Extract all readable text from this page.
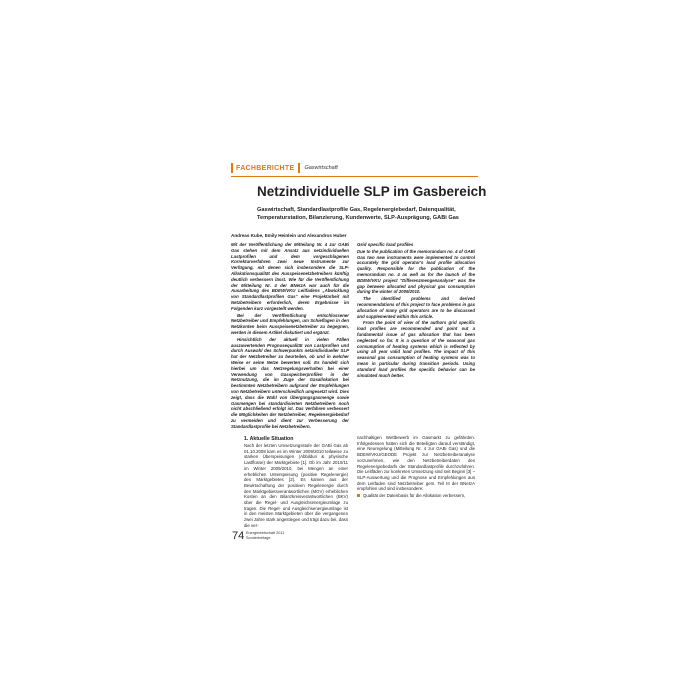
FACHBERICHTE Gaswirtschaft
Netzindividuelle SLP im Gasbereich
Gaswirtschaft, Standardlastprofile Gas, Regelenergiebedarf, Datenqualität, Temperaturstation, Bilanzierung, Kundenwerte, SLP-Ausprägung, GABi Gas
Andreas Kube, Emily Heinlein und Alexandros Huber

Mit der Veröffentlichung der Mitteilung Nr. 4 zur GABi Gas stehen mit dem Ansatz aus netzindividuellen Lastprofilen und dem vorgeschlagenen Korrekturverfahren zwei neue Instrumente zur Verfügung, mit denen sich insbesondere die SLP-Allokationsqualität des Ausspeisenetzbetreibers künftig deutlich verbessern lässt. Wie für die Veröffentlichung der Mitteilung Nr. 4 der BNetzA war auch für die Ausarbeitung des BDEW/VKU Leitfadens „Abwicklung von Standardlastprofilen Gas“ eine Projektarbeit mit Netzbetreibern erforderlich, deren Ergebnisse im Folgenden kurz vorgestellt werden.

Bei der Veröffentlichung entschlossener Netzbetreiber und Empfehlungen, um Schieflagen in den Netzkonten beim Ausspeisenetzbetreiber zu begegnen, werden in diesem Artikel diskutiert und ergänzt.

Hinsichtlich der aktuell in vielen Fällen auszuwertenden Prognosequalität von Lastprofilen und durch Auswahl des Schwerpunkts netzindividueller SLP hat der Netzbetreiber zu beurteilen, ob und in welcher Weise er seine Netze bewerten soll. Es handelt sich hierbei um das Netzregelungsverhalten bei einer Verwendung von Gasspeicherprofilen in der Netznutzung, die im Zuge der Gasallokation bei bestimmten Netzbetreibern aufgrund der Empfehlungen von Netzbetreibern unterschiedlich umgesetzt wird. Dies zeigt, dass die Wahl von Übergangsgasmenge sowie Gasmengen bei standardisierten Netzbetreibern noch nicht abschließend erfolgt ist. Das Verfahren verbessert die Möglichkeiten der Netzbetreiber, Regelenergiebedarf zu vermeiden und dient zur Verbesserung der Standardlastprofile bei Netzbetreibern.

Grid specific load profiles

Due to the publication of the memorandum no. 4 of GABi Gas two new instruments were implemented to control accurately the grid operator's load profile allocation quality. Responsible for the publication of the memorandum no. 4 as well as for the launch of the BDEW/VKU project "Differenzmengenanalyse" was the gap between allocated and physical gas consumption during the winter of 2009/2010.

The identified problems and derived recommendations of this project to face problems in gas allocation of many grid operators are to be discussed and supplemented within this article.

From the point of view of the authors grid specific load profiles are recommended and point out a fundamental issue of gas allocation that has been neglected so far. It is a question of the seasonal gas consumption of heating systems which is reflected by using all year valid load profiles. The impact of this seasonal gas consumption of heating systems was to mean in particular during transition periods. Using standard load profiles the specific behavior can be simulated much better.

1. Aktuelle Situation

Nach der letzten Umsetzungsstufe der GABi Gas ab 01.10.2008 kam es im Winter 2009/2010 teilweise zu starken Überspeisungen (Abbildun & physische Lastflüsse) der Marktgebiete [1]. Ob im Jahr 2010/11 im Winter 2009/2010, bei Mengen an einer erheblichen Unterspeisung (positive Regelenergie) des Marktgebietes [2]. Es kamen aus der Bewirtschaftung der positiven Regelenergie durch den Marktgebietsverantwortlichen (MGV) erheblichen Kosten an den Bilanzkreisverantwortlichen (BKV) über die Regel- und Ausgleichsenergieumlage zu tragen. Die Regel- und Ausgleichsenergieumlage ist in den meisten Marktgebieten über die vergangenen zwei Jahre stark angestiegen und trägt dazu bei, dass die ver-

nachhaltigen Wettbewerb im Gasmarkt zu gefährden. Infolgedessen hatten sich die Beteiligten darauf verständigt, eine Neuregelung (Mitteilung Nr. 4 zur GABi Gas) und die BDEW/VKU/GEODE Projekt zur Netzbetreiberanalyse vorzunehmen, wie den Netzbetreiberdaten des Regelenergiebedarfs der Standardlastprofile durchzuführen. Die Leitfäden zur konkreten Umsetzung sind seit Beginn [3] – SLP-Auswertung und die Prognose und Empfehlungen aus dem Leitfaden sind Netzbetreiber gem. Teil III der BNetzA empfohlen und sind insbesondere:

Qualität der Datenbasis für die Allokation verbessern,
74 Energiewirtschaft 2011
Sonderbeilage
